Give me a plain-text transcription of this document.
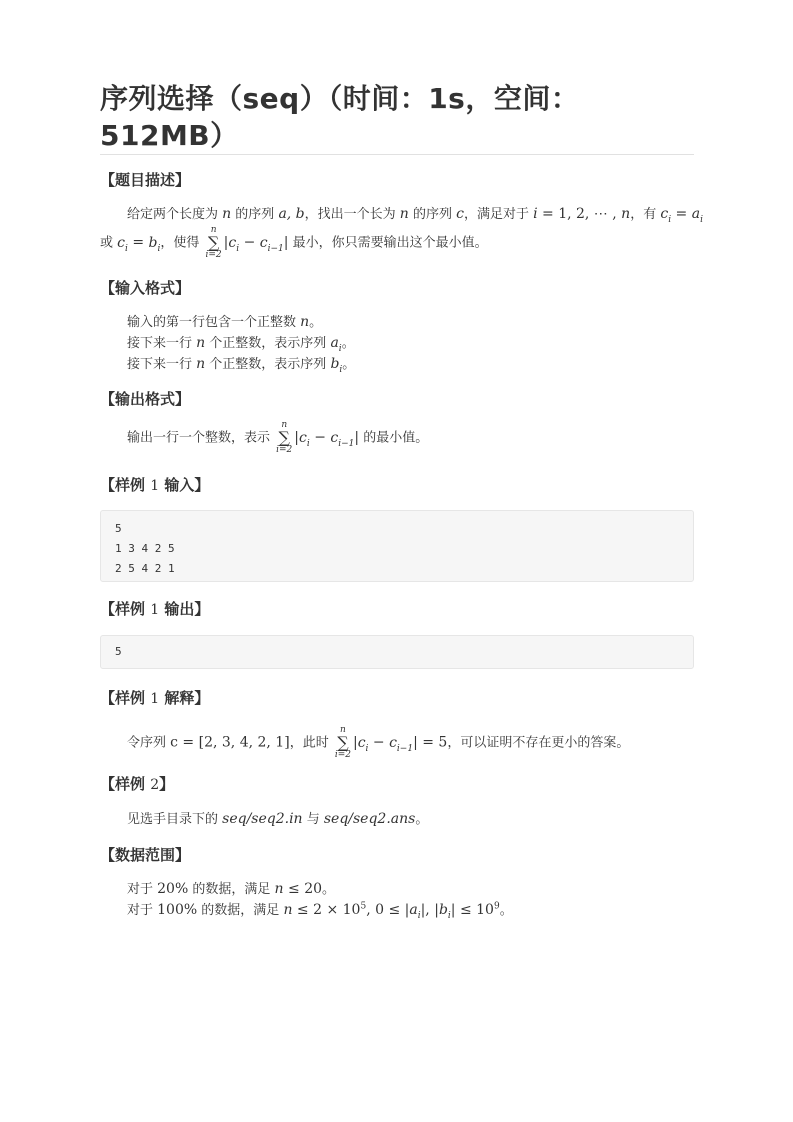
序列选择（seq）（时间：1s，空间：512MB）
【题目描述】
给定两个长度为 n 的序列 a, b，找出一个长为 n 的序列 c，满足对于 i = 1, 2, ⋯ , n，有 $c_i = a_i$
或 $c_i = b_i$，使得
n
∑
i=2
$|c_i - c_{i-1}|$ 最小，你只需要输出这个最小值。
【输入格式】
输入的第一行包含一个正整数 n。
接下来一行 n 个正整数，表示序列 $a_i$。
接下来一行 n 个正整数，表示序列 $b_i$。
【输出格式】
输出一行一个整数，表示
n
∑
i=2
$|c_i - c_{i-1}|$ 的最小值。
【样例 1 输入】
5
1 3 4 2 5
2 5 4 2 1
【样例 1 输出】
5
【样例 1 解释】
令序列 c = [2, 3, 4, 2, 1]，此时
n
∑
i=2
$|c_i - c_{i-1}| = 5$，可以证明不存在更小的答案。
【样例 2】
见选手目录下的 seq/seq2.in 与 seq/seq2.ans。
【数据范围】
对于 20% 的数据，满足 n ≤ 20。
对于 100% 的数据，满足 $n \le 2 \times 10^5$, $0 \le |a_i|$, $|b_i| \le 10^9$。
